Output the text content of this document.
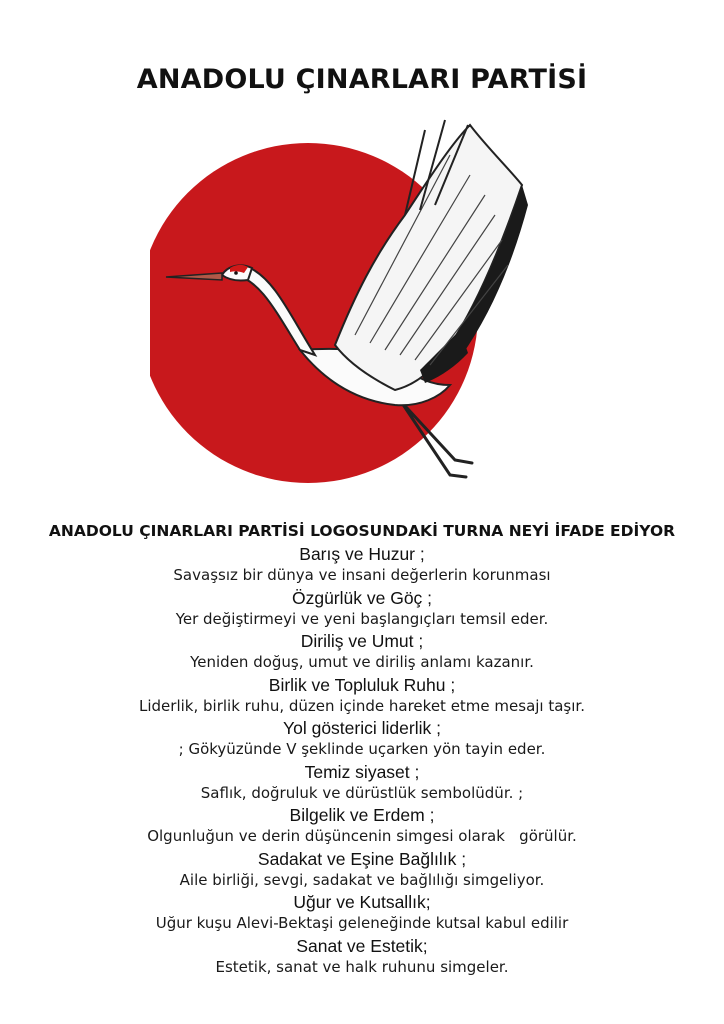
ANADOLU ÇINARLARI PARTİSİ
ANADOLU ÇINARLARI PARTİSİ LOGOSUNDAKİ TURNA NEYİ İFADE EDİYOR
Barış ve Huzur ;
Savaşsız bir dünya ve insani değerlerin korunması
Özgürlük ve Göç ;
Yer değiştirmeyi ve yeni başlangıçları temsil eder.
Diriliş ve Umut ;
Yeniden doğuş, umut ve diriliş anlamı kazanır.
Birlik ve Topluluk Ruhu ;
Liderlik, birlik ruhu, düzen içinde hareket etme mesajı taşır.
Yol gösterici liderlik ;
; Gökyüzünde V şeklinde uçarken yön tayin eder.
Temiz siyaset ;
Saflık, doğruluk ve dürüstlük sembolüdür. ;
Bilgelik ve Erdem ;
Olgunluğun ve derin düşüncenin simgesi olarak   görülür.
Sadakat ve Eşine Bağlılık ;
Aile birliği, sevgi, sadakat ve bağlılığı simgeliyor.
Uğur ve Kutsallık;
Uğur kuşu Alevi-Bektaşi geleneğinde kutsal kabul edilir
Sanat ve Estetik;
Estetik, sanat ve halk ruhunu simgeler.
